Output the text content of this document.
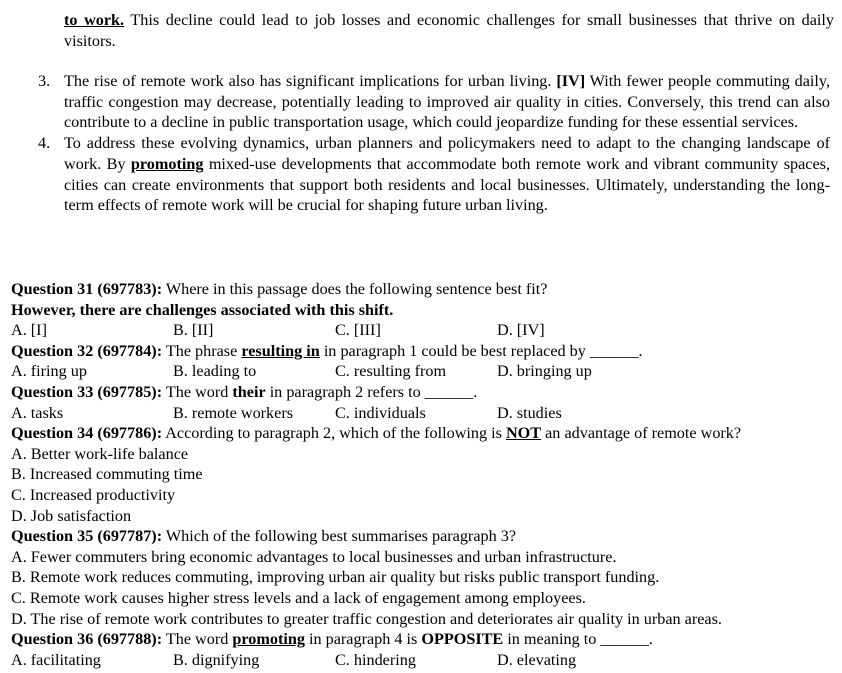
to work. This decline could lead to job losses and economic challenges for small businesses that thrive on daily visitors.
3. The rise of remote work also has significant implications for urban living. [IV] With fewer people commuting daily, traffic congestion may decrease, potentially leading to improved air quality in cities. Conversely, this trend can also contribute to a decline in public transportation usage, which could jeopardize funding for these essential services.
4. To address these evolving dynamics, urban planners and policymakers need to adapt to the changing landscape of work. By promoting mixed-use developments that accommodate both remote work and vibrant community spaces, cities can create environments that support both residents and local businesses. Ultimately, understanding the long-term effects of remote work will be crucial for shaping future urban living.
Question 31 (697783): Where in this passage does the following sentence best fit?
However, there are challenges associated with this shift.
A. [I]	B. [II]	C. [III]	D. [IV]
Question 32 (697784): The phrase resulting in in paragraph 1 could be best replaced by ______.
A. firing up	B. leading to	C. resulting from	D. bringing up
Question 33 (697785): The word their in paragraph 2 refers to ______.
A. tasks	B. remote workers	C. individuals	D. studies
Question 34 (697786): According to paragraph 2, which of the following is NOT an advantage of remote work?
A. Better work-life balance
B. Increased commuting time
C. Increased productivity
D. Job satisfaction
Question 35 (697787): Which of the following best summarises paragraph 3?
A. Fewer commuters bring economic advantages to local businesses and urban infrastructure.
B. Remote work reduces commuting, improving urban air quality but risks public transport funding.
C. Remote work causes higher stress levels and a lack of engagement among employees.
D. The rise of remote work contributes to greater traffic congestion and deteriorates air quality in urban areas.
Question 36 (697788): The word promoting in paragraph 4 is OPPOSITE in meaning to ______.
A. facilitating	B. dignifying	C. hindering	D. elevating
